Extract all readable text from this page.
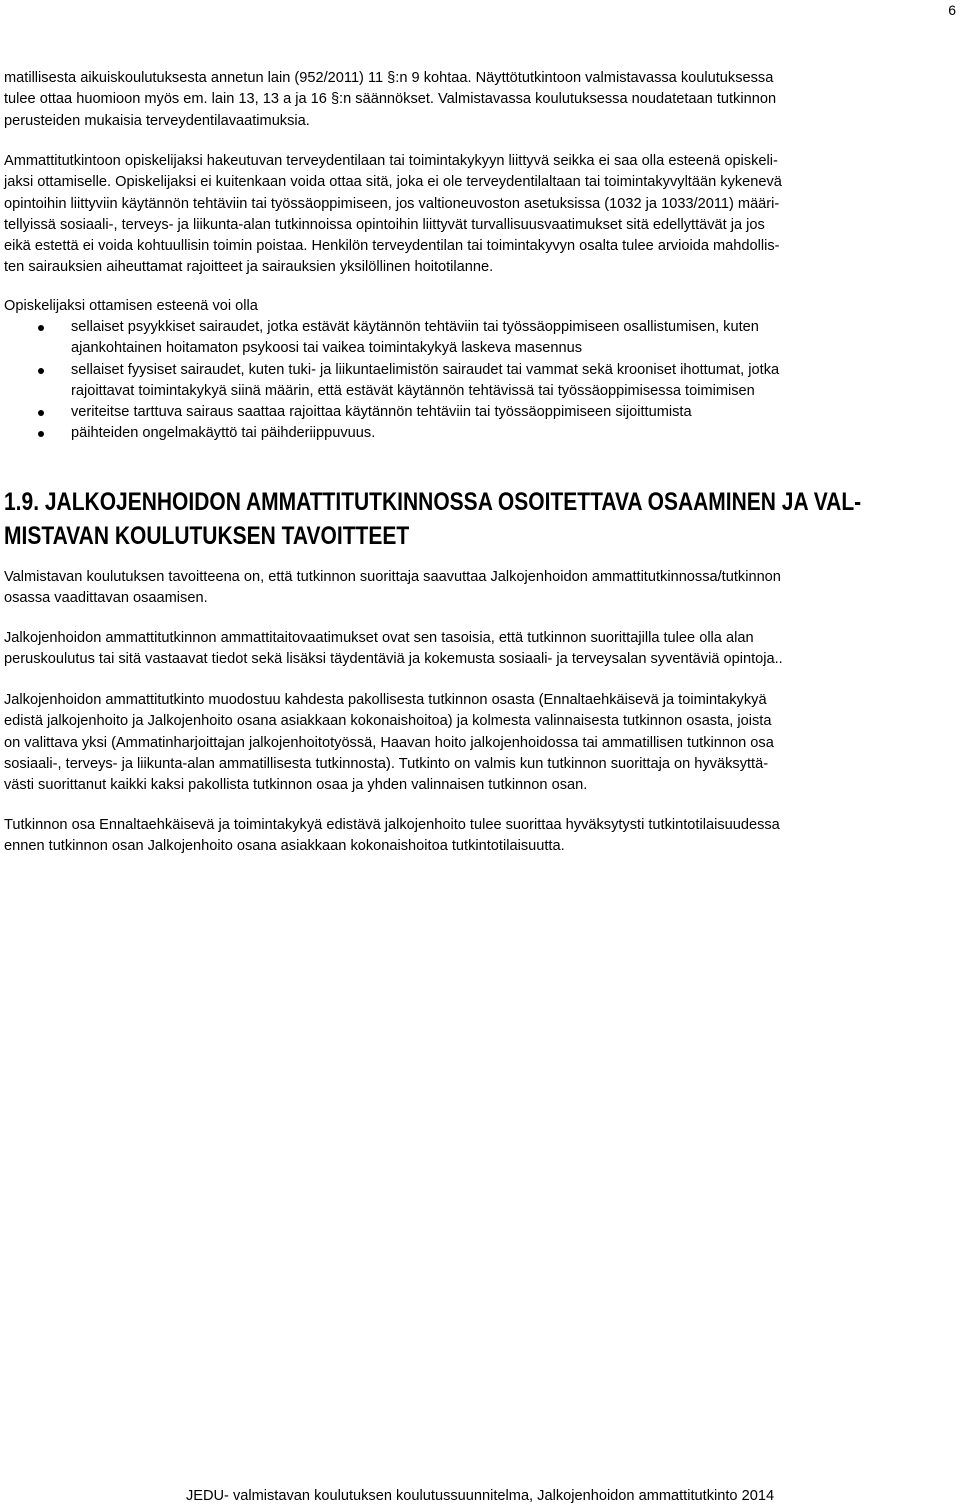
6

matillisesta aikuiskoulutuksesta annetun lain (952/2011) 11 §:n 9 kohtaa. Näyttötutkintoon valmistavassa koulutuksessa
tulee ottaa huomioon myös em. lain 13, 13 a ja 16 §:n säännökset. Valmistavassa koulutuksessa noudatetaan tutkinnon
perusteiden mukaisia terveydentilavaatimuksia.

Ammattitutkintoon opiskelijaksi hakeutuvan terveydentilaan tai toimintakykyyn liittyvä seikka ei saa olla esteenä opiskeli-
jaksi ottamiselle. Opiskelijaksi ei kuitenkaan voida ottaa sitä, joka ei ole terveydentilaltaan tai toimintakyvyltään kykenevä
opintoihin liittyviin käytännön tehtäviin tai työssäoppimiseen, jos valtioneuvoston asetuksissa (1032 ja 1033/2011) määri-
tellyissä sosiaali-, terveys- ja liikunta-alan tutkinnoissa opintoihin liittyvät turvallisuusvaatimukset sitä edellyttävät ja jos
eikä estettä ei voida kohtuullisin toimin poistaa. Henkilön terveydentilan tai toimintakyvyn osalta tulee arvioida mahdollis-
ten sairauksien aiheuttamat rajoitteet ja sairauksien yksilöllinen hoitotilanne.

Opiskelijaksi ottamisen esteenä voi olla

sellaiset psyykkiset sairaudet, jotka estävät käytännön tehtäviin tai työssäoppimiseen osallistumisen, kuten
ajankohtainen hoitamaton psykoosi tai vaikea toimintakykyä laskeva masennus
sellaiset fyysiset sairaudet, kuten tuki- ja liikuntaelimistön sairaudet tai vammat sekä krooniset ihottumat, jotka
rajoittavat toimintakykyä siinä määrin, että estävät käytännön tehtävissä tai työssäoppimisessa toimimisen
veriteitse tarttuva sairaus saattaa rajoittaa käytännön tehtäviin tai työssäoppimiseen sijoittumista
päihteiden ongelmakäyttö tai päihderiippuvuus.
1.9. JALKOJENHOIDON AMMATTITUTKINNOSSA OSOITETTAVA OSAAMINEN JA VAL-
MISTAVAN KOULUTUKSEN TAVOITTEET

Valmistavan koulutuksen tavoitteena on, että tutkinnon suorittaja saavuttaa Jalkojenhoidon ammattitutkinnossa/tutkinnon
osassa vaadittavan osaamisen.

Jalkojenhoidon ammattitutkinnon ammattitaitovaatimukset ovat sen tasoisia, että tutkinnon suorittajilla tulee olla alan
peruskoulutus tai sitä vastaavat tiedot sekä lisäksi täydentäviä ja kokemusta sosiaali- ja terveysalan syventäviä opintoja..

Jalkojenhoidon ammattitutkinto muodostuu kahdesta pakollisesta tutkinnon osasta (Ennaltaehkäisevä ja toimintakykyä
edistä jalkojenhoito ja Jalkojenhoito osana asiakkaan kokonaishoitoa) ja kolmesta valinnaisesta tutkinnon osasta, joista
on valittava yksi (Ammatinharjoittajan jalkojenhoitotyössä, Haavan hoito jalkojenhoidossa tai ammatillisen tutkinnon osa
sosiaali-, terveys- ja liikunta-alan ammatillisesta tutkinnosta). Tutkinto on valmis kun tutkinnon suorittaja on hyväksyttä-
västi suorittanut kaikki kaksi pakollista tutkinnon osaa ja yhden valinnaisen tutkinnon osan.

Tutkinnon osa Ennaltaehkäisevä ja toimintakykyä edistävä jalkojenhoito tulee suorittaa hyväksytysti tutkintotilaisuudessa
ennen tutkinnon osan Jalkojenhoito osana asiakkaan kokonaishoitoa tutkintotilaisuutta.

JEDU- valmistavan koulutuksen koulutussuunnitelma, Jalkojenhoidon ammattitutkinto 2014
